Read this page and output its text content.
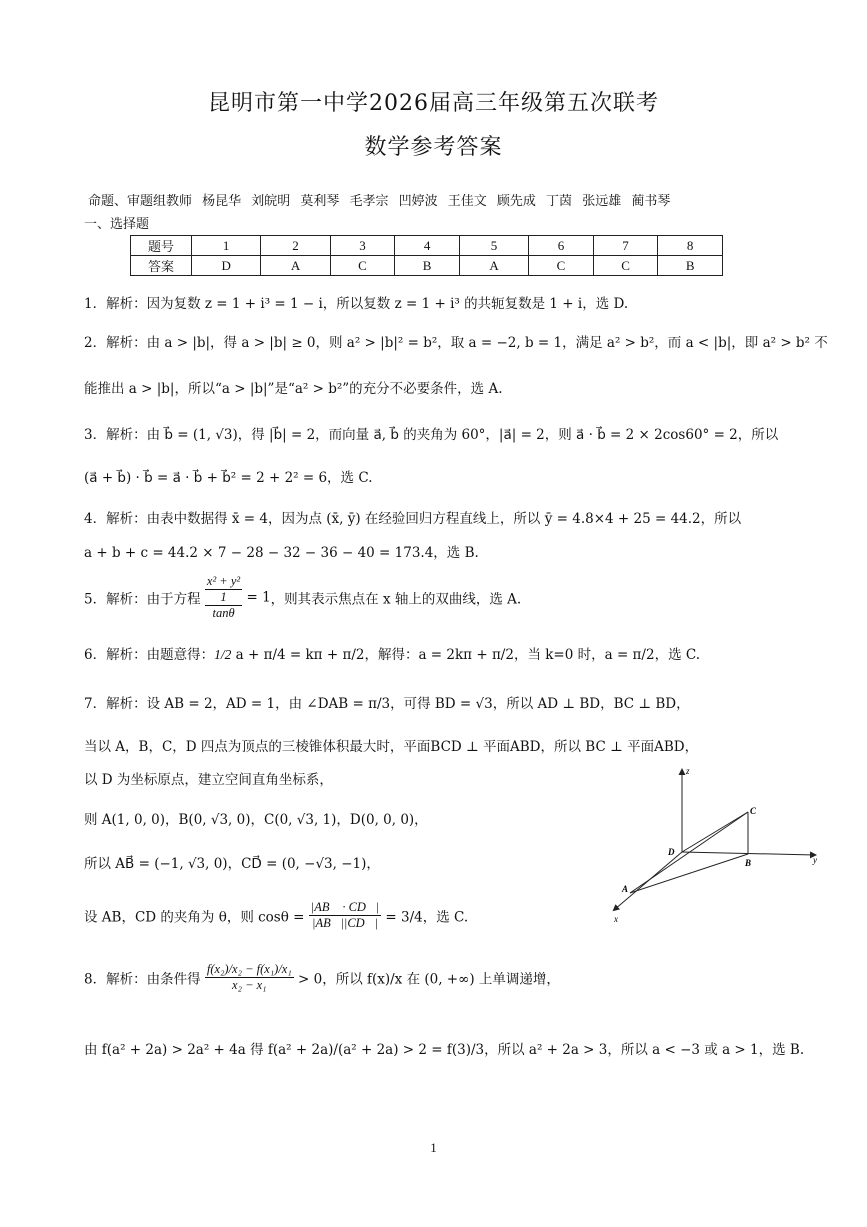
昆明市第一中学2026届高三年级第五次联考
数学参考答案
命题、审题组教师 杨昆华 刘皖明 莫利琴 毛孝宗 凹婷波 王佳文 顾先成 丁茵 张远雄 蔺书琴
一、选择题
题号	1	2	3	4	5	6	7	8
答案	D	A	C	B	A	C	C	B
1．解析：因为复数 z = 1 + i³ = 1 − i，所以复数 z = 1 + i³ 的共轭复数是 1 + i，选 D.
2．解析：由 a > |b|，得 a > |b| ≥ 0，则 a² > |b|² = b²，取 a = −2, b = 1，满足 a² > b²，而 a < |b|，即 a² > b² 不
能推出 a > |b|，所以“a > |b|”是“a² > b²”的充分不必要条件，选 A.
3．解析：由 b⃗ = (1, √3)，得 |b⃗| = 2，而向量 a⃗, b⃗ 的夹角为 60°，|a⃗| = 2，则 a⃗ · b⃗ = 2 × 2cos60° = 2，所以
(a⃗ + b⃗) · b⃗ = a⃗ · b⃗ + b⃗² = 2 + 2² = 6，选 C.
4．解析：由表中数据得 x̄ = 4，因为点 (x̄, ȳ) 在经验回归方程直线上，所以 ȳ = 4.8×4 + 25 = 44.2，所以
a + b + c = 44.2 × 7 − 28 − 32 − 36 − 40 = 173.4，选 B.
5．解析：由于方程
x² + y²
1
tanθ
= 1，则其表示焦点在 x 轴上的双曲线，选 A.
6．解析：由题意得：1/2 a + π/4 = kπ + π/2，解得：a = 2kπ + π/2，当 k=0 时，a = π/2，选 C.
7．解析：设 AB = 2，AD = 1，由 ∠DAB = π/3，可得 BD = √3，所以 AD ⊥ BD，BC ⊥ BD，
当以 A，B，C，D 四点为顶点的三棱锥体积最大时，平面BCD ⊥ 平面ABD，所以 BC ⊥ 平面ABD，
以 D 为坐标原点，建立空间直角坐标系，
则 A(1, 0, 0)，B(0, √3, 0)，C(0, √3, 1)，D(0, 0, 0)，
所以 AB⃗ = (−1, √3, 0)，CD⃗ = (0, −√3, −1)，
设 AB，CD 的夹角为 θ，则 $\cos\theta = \frac{|AB⃗ \cdot CD⃗|}{|AB⃗||CD⃗|} = 3/4$，选 C.
8．解析：由条件得 $\frac{\text{f(x₂)/x₂ − f(x₁)/x₁}}{\text{x₂ − x₁}} > 0$，所以 f(x)/x 在 (0, +∞) 上单调递增，
由 f(a² + 2a) > 2a² + 4a 得 f(a² + 2a)/(a² + 2a) > 2 = f(3)/3，所以 a² + 2a > 3，所以 a < −3 或 a > 1，选 B.
z
C
D
B	y
A
x
1
